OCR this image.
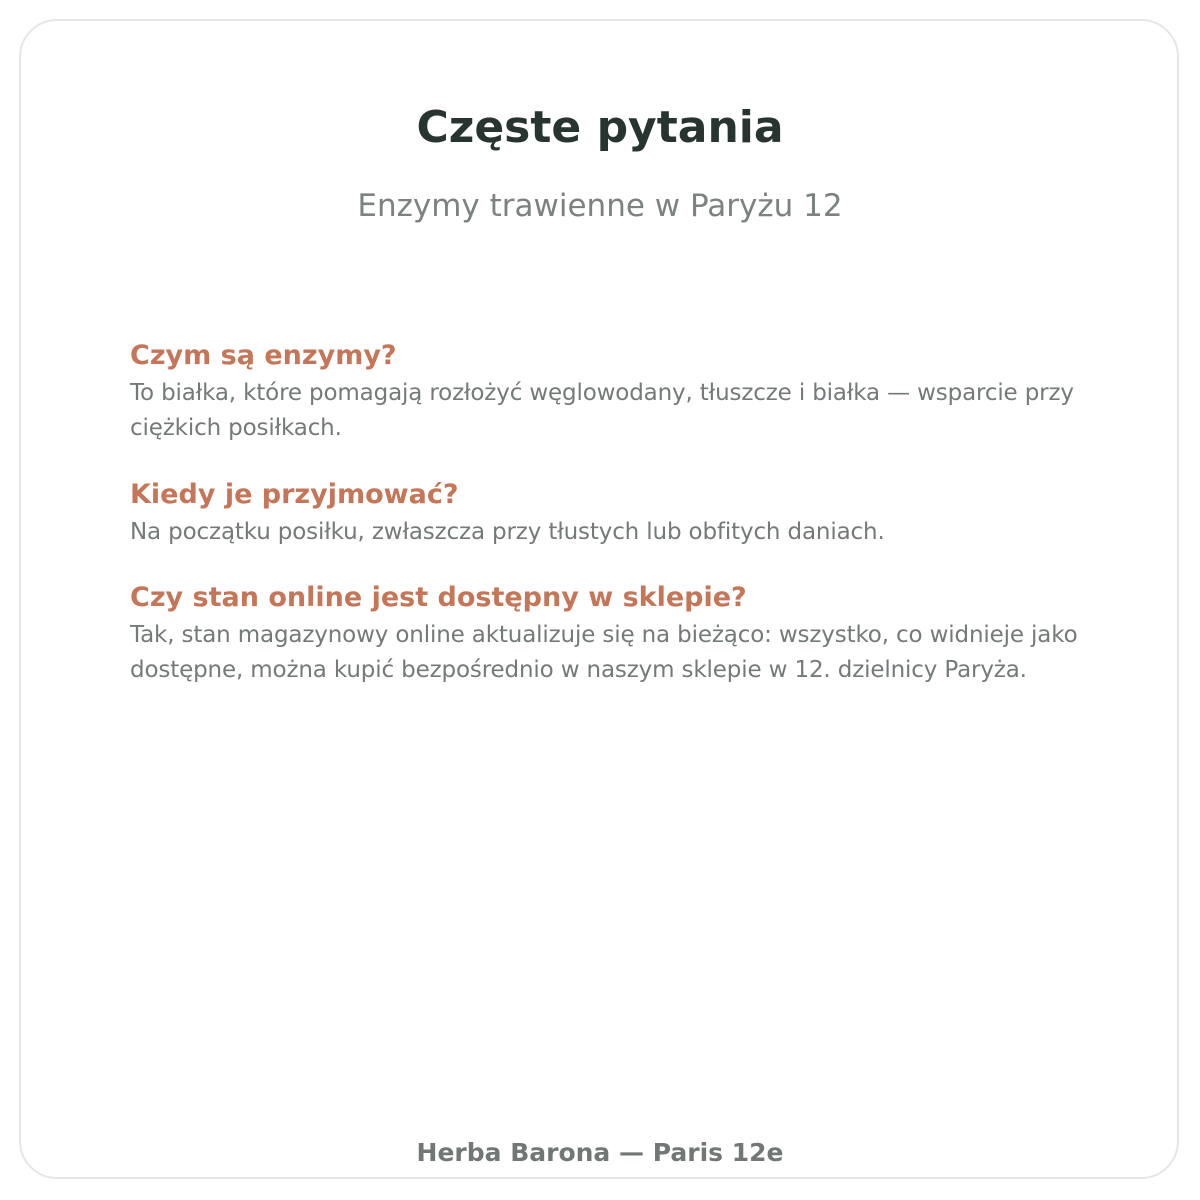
Częste pytania

Enzymy trawienne w Paryżu 12

Czym są enzymy?

To białka, które pomagają rozłożyć węglowodany, tłuszcze i białka — wsparcie przy ciężkich posiłkach.

Kiedy je przyjmować?

Na początku posiłku, zwłaszcza przy tłustych lub obfitych daniach.

Czy stan online jest dostępny w sklepie?

Tak, stan magazynowy online aktualizuje się na bieżąco: wszystko, co widnieje jako dostępne, można kupić bezpośrednio w naszym sklepie w 12. dzielnicy Paryża.

Herba Barona — Paris 12e
